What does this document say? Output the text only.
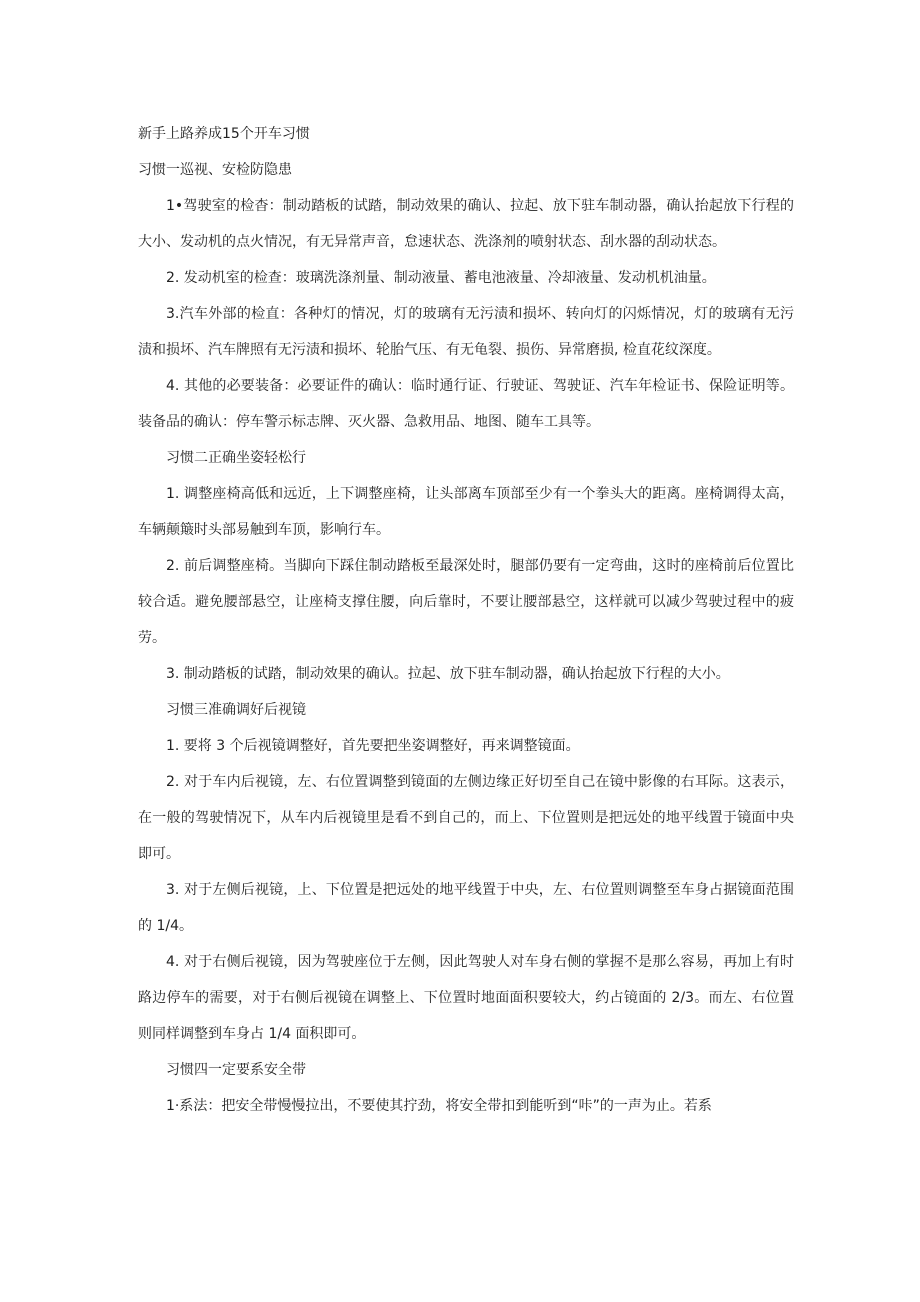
新手上路养成15个开车习惯

习惯一巡视、安检防隐患

1•驾驶室的检杳：制动踏板的试踏，制动效果的确认、拉起、放下驻车制动器，确认抬起放下行程的大小、发动机的点火情况，有无异常声音，怠速状态、洗涤剂的喷射状态、刮水器的刮动状态。

2. 发动机室的检查：玻璃洗涤剂量、制动液量、蓄电池液量、冷却液量、发动机机油量。

3.汽车外部的检直：各种灯的情况，灯的玻璃有无污渍和损坏、转向灯的闪烁情况，灯的玻璃有无污渍和损坏、汽车牌照有无污渍和损坏、轮胎气压、有无龟裂、损伤、异常磨损, 检直花纹深度。

4. 其他的必要装备：必要证件的确认：临时通行证、行驶证、驾驶证、汽车年检证书、保险证明等。装备品的确认：停车警示标志牌、灭火器、急救用品、地图、随车工具等。

习惯二正确坐姿轻松行

1. 调整座椅高低和远近，上下调整座椅，让头部离车顶部至少有一个拳头大的距离。座椅调得太高，车辆颠簸时头部易触到车顶，影响行车。

2. 前后调整座椅。当脚向下踩住制动踏板至最深处时，腿部仍要有一定弯曲，这时的座椅前后位置比较合适。避免腰部悬空，让座椅支撑住腰，向后靠时，不要让腰部悬空，这样就可以减少驾驶过程中的疲劳。

3. 制动踏板的试踏，制动效果的确认。拉起、放下驻车制动器，确认抬起放下行程的大小。

习惯三准确调好后视镜

1. 要将 3 个后视镜调整好，首先要把坐姿调整好，再来调整镜面。

2. 对于车内后视镜，左、右位置调整到镜面的左侧边缘正好切至自己在镜中影像的右耳际。这表示，在一般的驾驶情况下，从车内后视镜里是看不到自己的，而上、下位置则是把远处的地平线置于镜面中央即可。

3. 对于左侧后视镜，上、下位置是把远处的地平线置于中央，左、右位置则调整至车身占据镜面范围的 1/4。

4. 对于右侧后视镜，因为驾驶座位于左侧，因此驾驶人对车身右侧的掌握不是那么容易，再加上有时路边停车的需要，对于右侧后视镜在调整上、下位置时地面面积要较大，约占镜面的 2/3。而左、右位置则同样调整到车身占 1/4 面积即可。

习惯四一定要系安全带

1·系法：把安全带慢慢拉出，不要使其拧劲，将安全带扣到能听到“咔”的一声为止。若系
